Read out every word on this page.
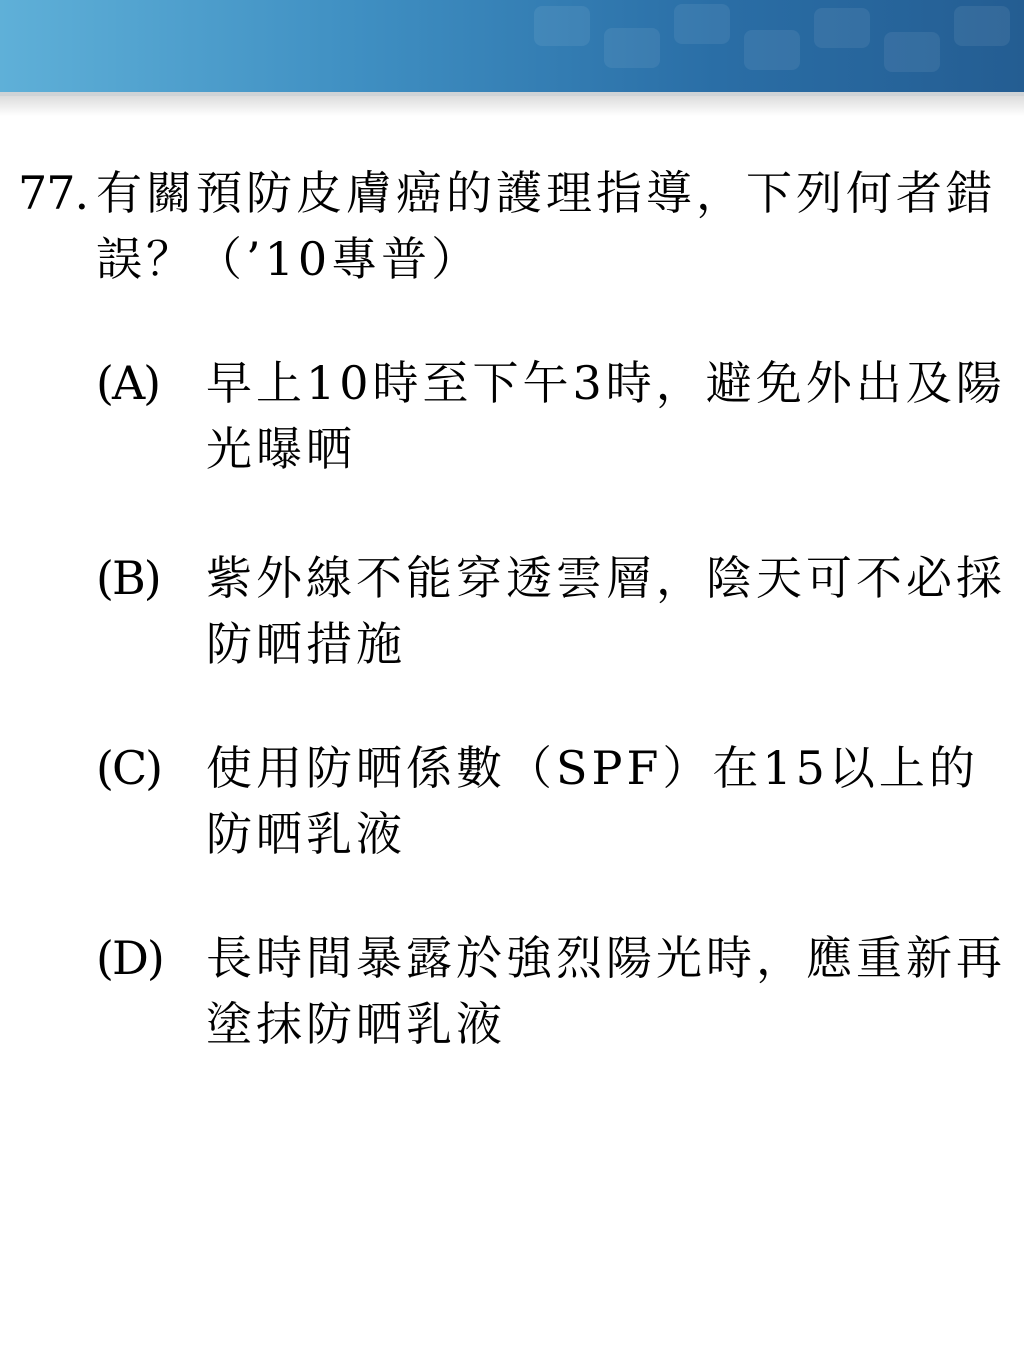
77. 有關預防皮膚癌的護理指導，下列何者錯誤？（’10專普）
(A) 早上10時至下午3時，避免外出及陽光曝晒
(B) 紫外線不能穿透雲層，陰天可不必採防晒措施
(C) 使用防晒係數（SPF）在15以上的防晒乳液
(D) 長時間暴露於強烈陽光時，應重新再塗抹防晒乳液
